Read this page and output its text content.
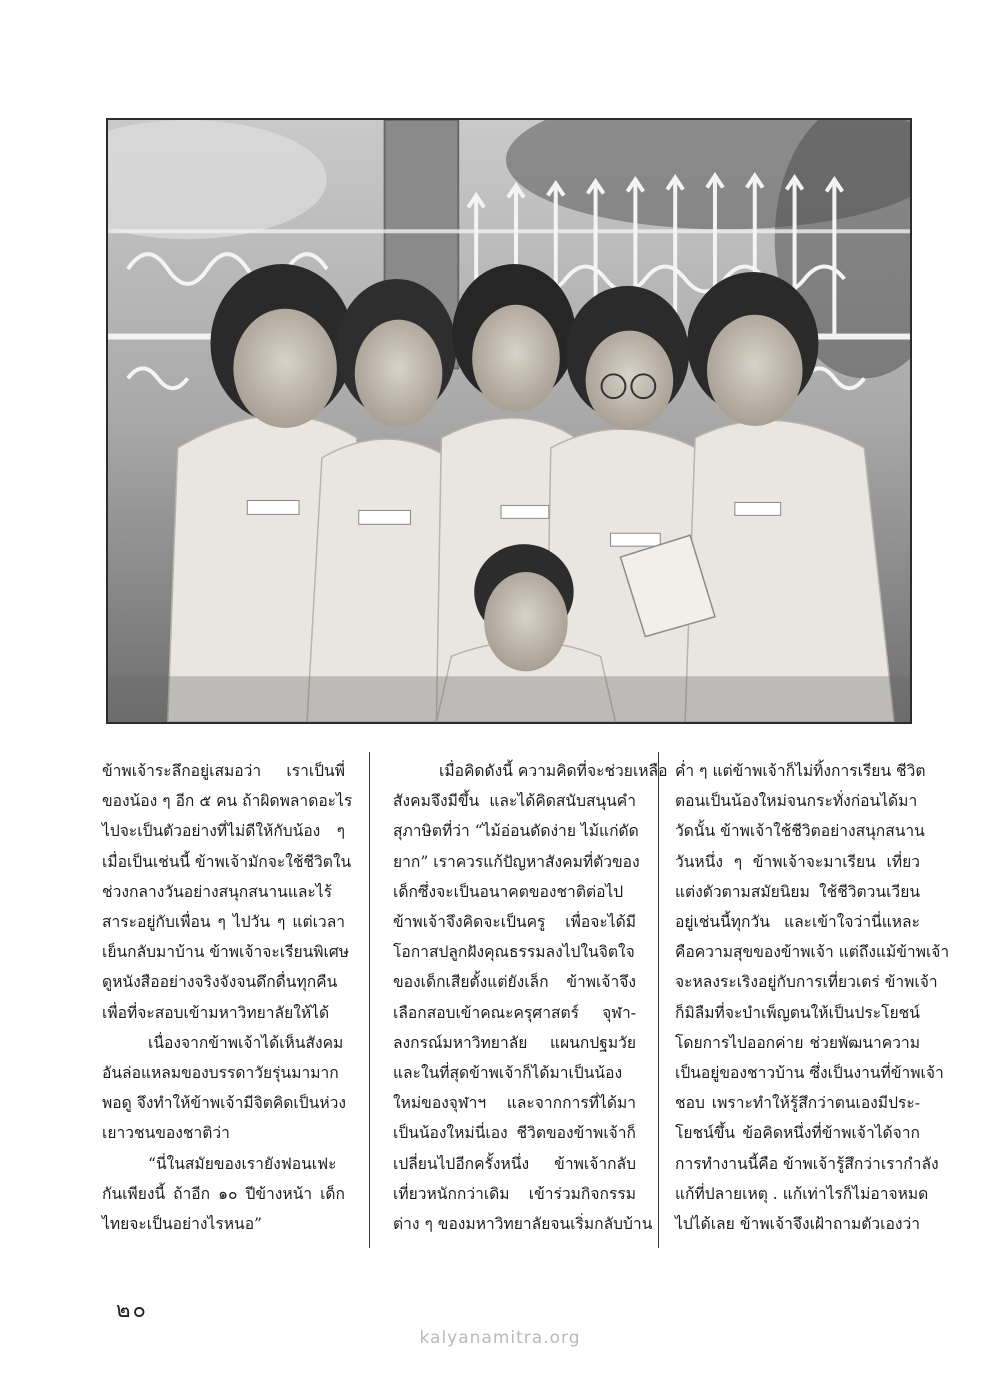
ข้าพเจ้าระลึกอยู่เสมอว่า เราเป็นพี่
ของน้อง ๆ อีก ๕ คน ถ้าผิดพลาดอะไร
ไปจะเป็นตัวอย่างที่ไม่ดีให้กับน้อง ๆ
เมื่อเป็นเช่นนี้ ข้าพเจ้ามักจะใช้ชีวิตใน
ช่วงกลางวันอย่างสนุกสนานและไร้
สาระอยู่กับเพื่อน ๆ ไปวัน ๆ แต่เวลา
เย็นกลับมาบ้าน ข้าพเจ้าจะเรียนพิเศษ
ดูหนังสืออย่างจริงจังจนดึกดื่นทุกคืน
เพื่อที่จะสอบเข้ามหาวิทยาลัยให้ได้
เนื่องจากข้าพเจ้าได้เห็นสังคม
อันล่อแหลมของบรรดาวัยรุ่นมามาก
พอดู จึงทำให้ข้าพเจ้ามีจิตคิดเป็นห่วง
เยาวชนของชาติว่า
“นี่ในสมัยของเรายังฟอนเฟะ
กันเพียงนี้ ถ้าอีก ๑๐ ปีข้างหน้า เด็ก
ไทยจะเป็นอย่างไรหนอ”
เมื่อคิดดังนี้ ความคิดที่จะช่วยเหลือ
สังคมจึงมีขึ้น และได้คิดสนับสนุนคำ
สุภาษิตที่ว่า “ไม้อ่อนดัดง่าย ไม้แก่ดัด
ยาก” เราควรแก้ปัญหาสังคมที่ตัวของ
เด็กซึ่งจะเป็นอนาคตของชาติต่อไป
ข้าพเจ้าจึงคิดจะเป็นครู เพื่อจะได้มี
โอกาสปลูกฝังคุณธรรมลงไปในจิตใจ
ของเด็กเสียตั้งแต่ยังเล็ก ข้าพเจ้าจึง
เลือกสอบเข้าคณะครุศาสตร์ จุฬา-
ลงกรณ์มหาวิทยาลัย แผนกปฐมวัย
และในที่สุดข้าพเจ้าก็ได้มาเป็นน้อง
ใหม่ของจุฬาฯ และจากการที่ได้มา
เป็นน้องใหม่นี่เอง ชีวิตของข้าพเจ้าก็
เปลี่ยนไปอีกครั้งหนึ่ง ข้าพเจ้ากลับ
เที่ยวหนักกว่าเดิม เข้าร่วมกิจกรรม
ต่าง ๆ ของมหาวิทยาลัยจนเริ่มกลับบ้าน
ค่ำ ๆ แต่ข้าพเจ้าก็ไม่ทิ้งการเรียน ชีวิต
ตอนเป็นน้องใหม่จนกระทั่งก่อนได้มา
วัดนั้น ข้าพเจ้าใช้ชีวิตอย่างสนุกสนาน
วันหนึ่ง ๆ ข้าพเจ้าจะมาเรียน เที่ยว
แต่งตัวตามสมัยนิยม ใช้ชีวิตวนเวียน
อยู่เช่นนี้ทุกวัน และเข้าใจว่านี่แหละ
คือความสุขของข้าพเจ้า แต่ถึงแม้ข้าพเจ้า
จะหลงระเริงอยู่กับการเที่ยวเตร่ ข้าพเจ้า
ก็มิลืมที่จะบำเพ็ญตนให้เป็นประโยชน์
โดยการไปออกค่าย ช่วยพัฒนาความ
เป็นอยู่ของชาวบ้าน ซึ่งเป็นงานที่ข้าพเจ้า
ชอบ เพราะทำให้รู้สึกว่าตนเองมีประ-
โยชน์ขึ้น ข้อคิดหนึ่งที่ข้าพเจ้าได้จาก
การทำงานนี้คือ ข้าพเจ้ารู้สึกว่าเรากำลัง
แก้ที่ปลายเหตุ . แก้เท่าไรก็ไม่อาจหมด
ไปได้เลย ข้าพเจ้าจึงเฝ้าถามตัวเองว่า
๒๐
kalyanamitra.org
